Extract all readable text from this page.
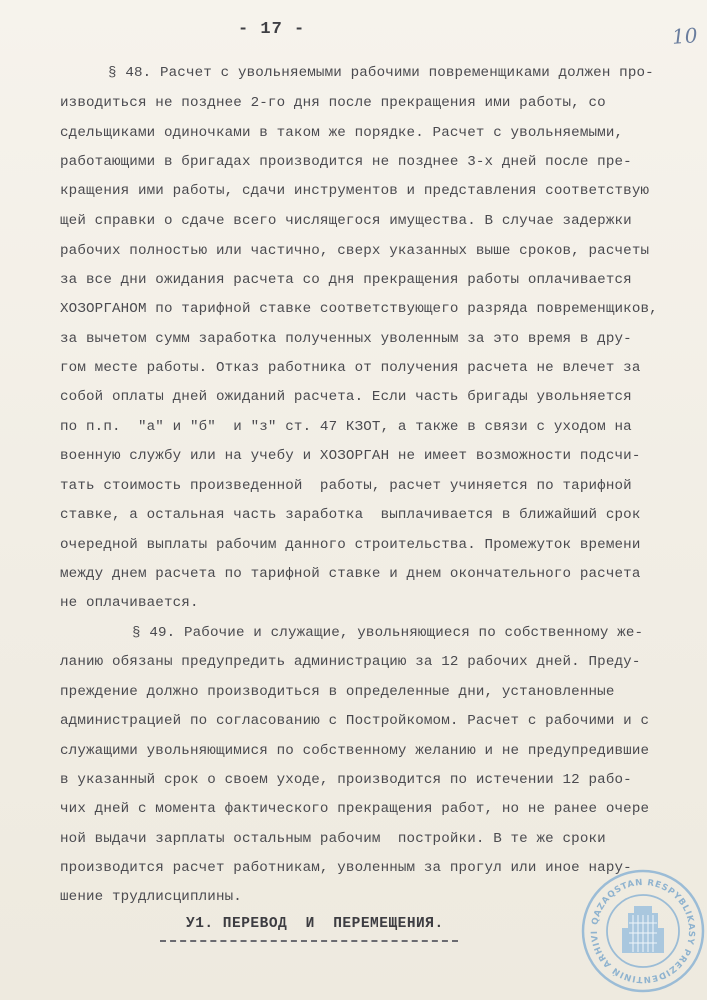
- 17 -	10
§ 48. Расчет с увольняемыми рабочими повременщиками должен про-
изводиться не позднее 2-го дня после прекращения ими работы, со
сдельщиками одиночками в таком же порядке. Расчет с увольняемыми,
работающими в бригадах производится не позднее 3-х дней после пре-
кращения ими работы, сдачи инструментов и представления соответствую
щей справки о сдаче всего числящегося имущества. В случае задержки
рабочих полностью или частично, сверх указанных выше сроков, расчеты
за все дни ожидания расчета со дня прекращения работы оплачивается
ХОЗОРГАНОМ по тарифной ставке соответствующего разряда повременщиков,
за вычетом сумм заработка полученных уволенным за это время в дру-
гом месте работы. Отказ работника от получения расчета не влечет за
собой оплаты дней ожиданий расчета. Если часть бригады увольняется
по п.п.  "а" и "б"  и "з" ст. 47 КЗОТ, а также в связи с уходом на
военную службу или на учебу и ХОЗОРГАН не имеет возможности подсчи-
тать стоимость произведенной  работы, расчет учиняется по тарифной
ставке, а остальная часть заработка  выплачивается в ближайший срок
очередной выплаты рабочим данного строительства. Промежуток времени
между днем расчета по тарифной ставке и днем окончательного расчета
не оплачивается.
§ 49. Рабочие и служащие, увольняющиеся по собственному же-
ланию обязаны предупредить администрацию за 12 рабочих дней. Преду-
преждение должно производиться в определенные дни, установленные
администрацией по согласованию с Постройкомом. Расчет с рабочими и с
служащими увольняющимися по собственному желанию и не предупредившие
в указанный срок о своем уходе, производится по истечении 12 рабо-
чих дней с момента фактического прекращения работ, но не ранее очере
ной выдачи зарплаты остальным рабочим  постройки. В те же сроки
производится расчет работникам, уволенным за прогул или иное нару-
шение трудлисциплины.
У1. ПЕРЕВОД  И  ПЕРЕМЕЩЕНИЯ.	QAZAQSTAN RESPYBLIKASY PREZIDENTINIŃ ARHIVI
